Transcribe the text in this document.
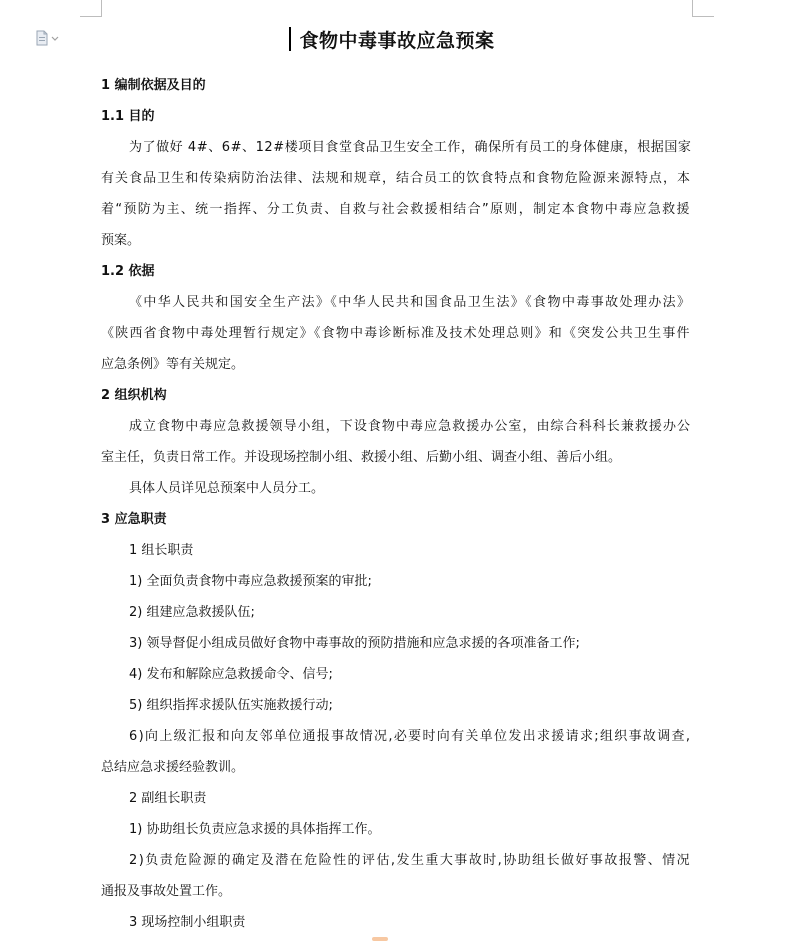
食物中毒事故应急预案
1 编制依据及目的
1.1 目的
为了做好 4#、6#、12#楼项目食堂食品卫生安全工作，确保所有员工的身体健康，根据国家
有关食品卫生和传染病防治法律、法规和规章，结合员工的饮食特点和食物危险源来源特点，本
着“预防为主、统一指挥、分工负责、自救与社会救援相结合”原则，制定本食物中毒应急救援
预案。
1.2 依据
《中华人民共和国安全生产法》《中华人民共和国食品卫生法》《食物中毒事故处理办法》
《陕西省食物中毒处理暂行规定》《食物中毒诊断标准及技术处理总则》和《突发公共卫生事件
应急条例》等有关规定。
2 组织机构
成立食物中毒应急救援领导小组，下设食物中毒应急救援办公室，由综合科科长兼救援办公
室主任，负责日常工作。并设现场控制小组、救援小组、后勤小组、调查小组、善后小组。
具体人员详见总预案中人员分工。
3 应急职责
1 组长职责
1) 全面负责食物中毒应急救援预案的审批;
2) 组建应急救援队伍;
3) 领导督促小组成员做好食物中毒事故的预防措施和应急求援的各项准备工作;
4) 发布和解除应急救援命令、信号;
5) 组织指挥求援队伍实施救援行动;
6)向上级汇报和向友邻单位通报事故情况,必要时向有关单位发出求援请求;组织事故调查,
总结应急求援经验教训。
2 副组长职责
1) 协助组长负责应急求援的具体指挥工作。
2)负责危险源的确定及潜在危险性的评估,发生重大事故时,协助组长做好事故报警、情况
通报及事故处置工作。
3 现场控制小组职责
